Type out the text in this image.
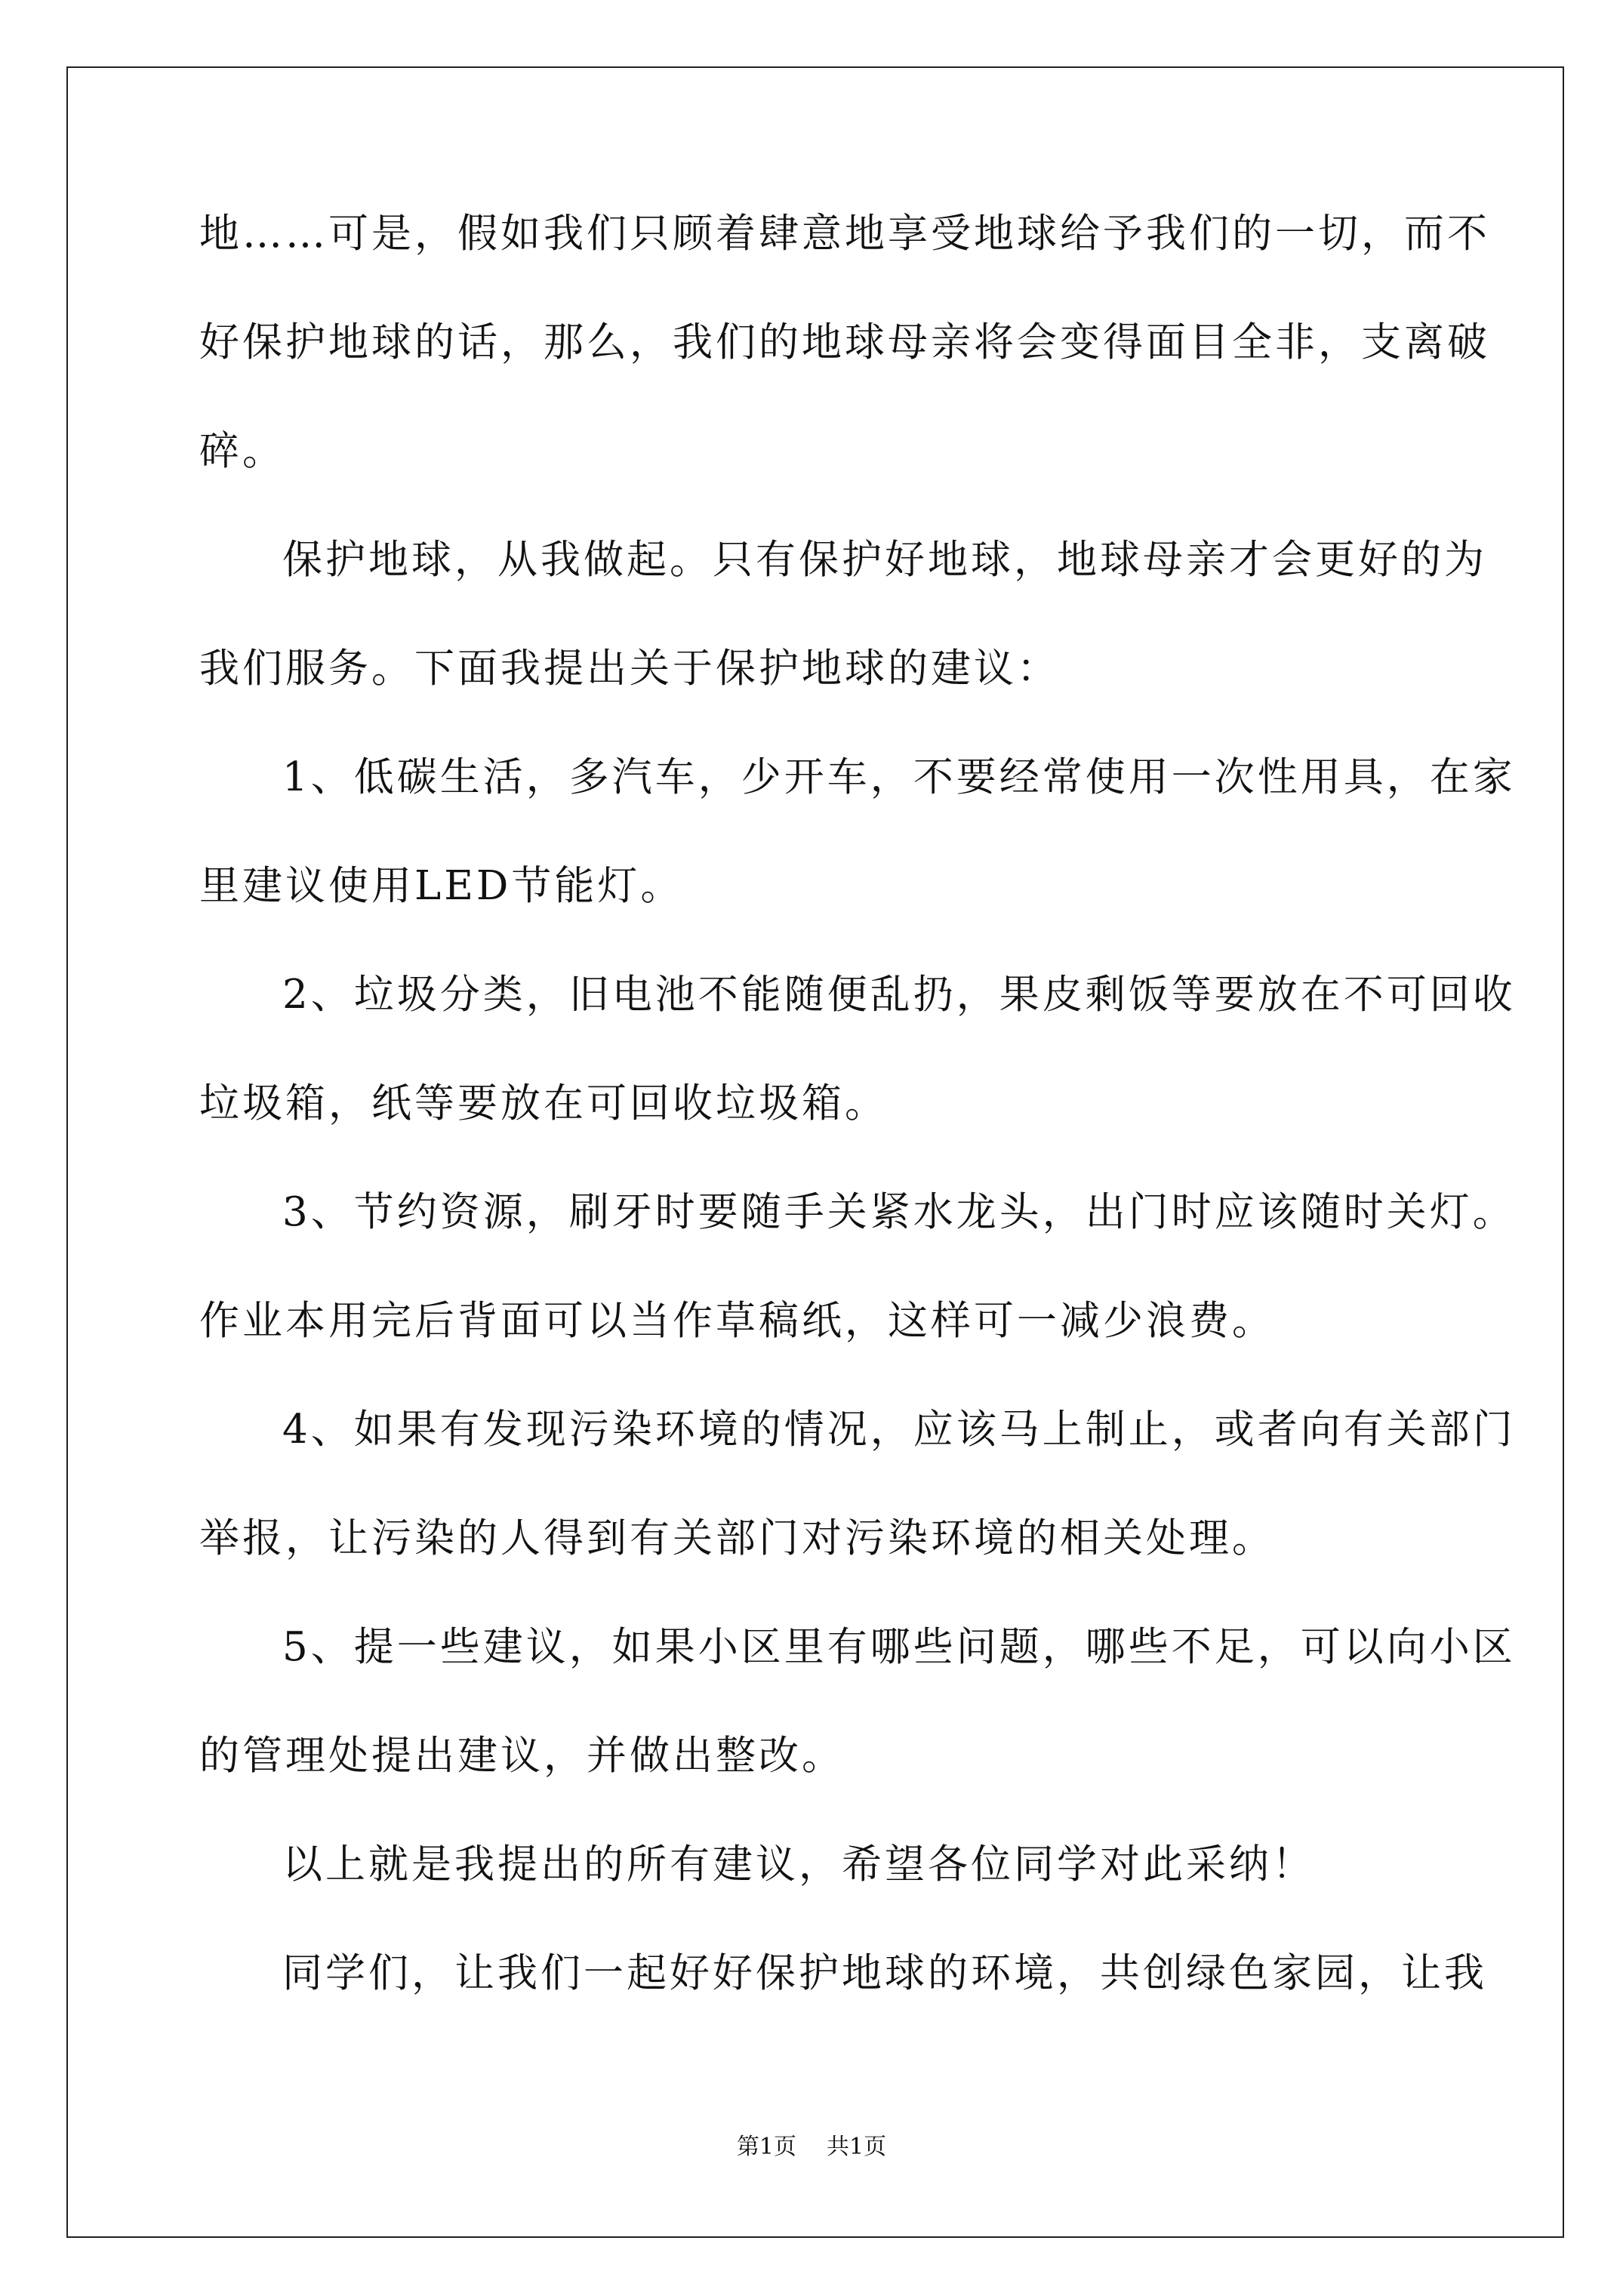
地……可是，假如我们只顾着肆意地享受地球给予我们的一切，而不
好保护地球的话，那么，我们的地球母亲将会变得面目全非，支离破
碎。
保护地球，从我做起。只有保护好地球，地球母亲才会更好的为
我们服务。下面我提出关于保护地球的建议：
1、低碳生活，多汽车，少开车，不要经常使用一次性用具，在家
里建议使用LED节能灯。
2、垃圾分类，旧电池不能随便乱扔，果皮剩饭等要放在不可回收
垃圾箱，纸等要放在可回收垃圾箱。
3、节约资源，刷牙时要随手关紧水龙头，出门时应该随时关灯。
作业本用完后背面可以当作草稿纸，这样可一减少浪费。
4、如果有发现污染环境的情况，应该马上制止，或者向有关部门
举报，让污染的人得到有关部门对污染环境的相关处理。
5、提一些建议，如果小区里有哪些问题，哪些不足，可以向小区
的管理处提出建议，并做出整改。
以上就是我提出的所有建议，希望各位同学对此采纳！
同学们，让我们一起好好保护地球的环境，共创绿色家园，让我
第1页 共1页
